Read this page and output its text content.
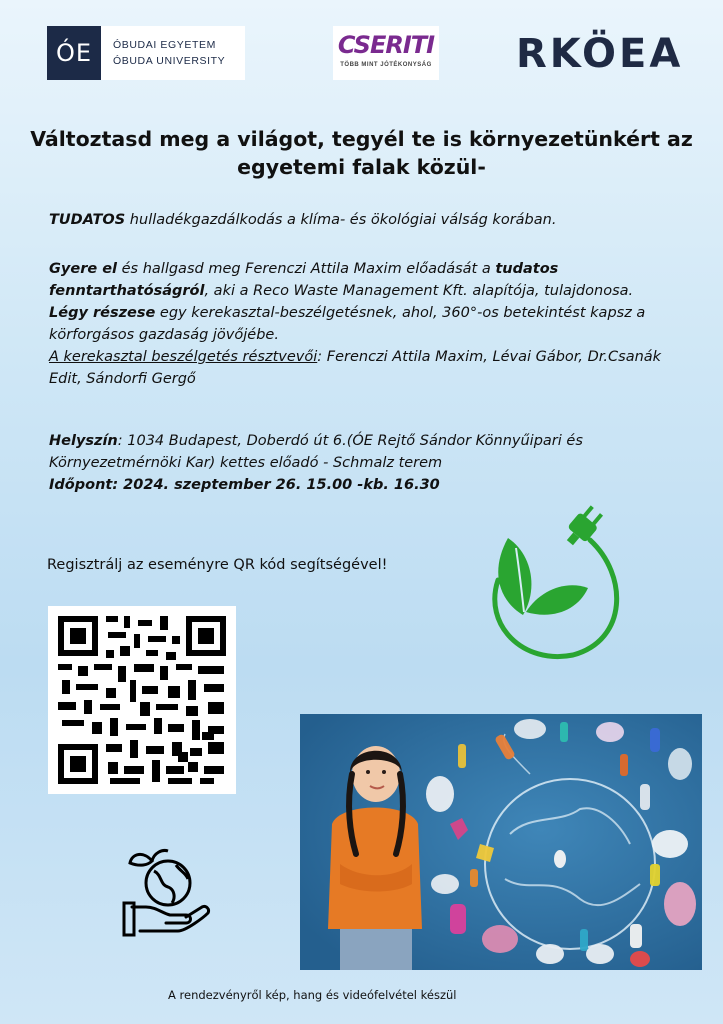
ÓE	ÓBUDAI EGYETEM
ÓBUDA UNIVERSITY
CSERITI
TÖBB MINT JÓTÉKONYSÁG RKÖEA
Változtasd meg a világot, tegyél te is környezetünkért az
egyetemi falak közül-
TUDATOS hulladékgazdálkodás a klíma- és ökológiai válság korában.
Gyere el és hallgasd meg Ferenczi Attila Maxim előadását a tudatos fenntarthatóságról, aki a Reco Waste Management Kft. alapítója, tulajdonosa.
Légy részese egy kerekasztal-beszélgetésnek, ahol, 360°-os betekintést kapsz a körforgásos gazdaság jövőjébe.
A kerekasztal beszélgetés résztvevői: Ferenczi Attila Maxim, Lévai Gábor, Dr.Csanák Edit, Sándorfi Gergő
Helyszín: 1034 Budapest, Doberdó út 6.(ÓE Rejtő Sándor Könnyűipari és Környezetmérnöki Kar) kettes előadó - Schmalz terem
Időpont: 2024. szeptember 26. 15.00 -kb. 16.30
Regisztrálj az eseményre QR kód segítségével!
A rendezvényről kép, hang és videófelvétel készül
